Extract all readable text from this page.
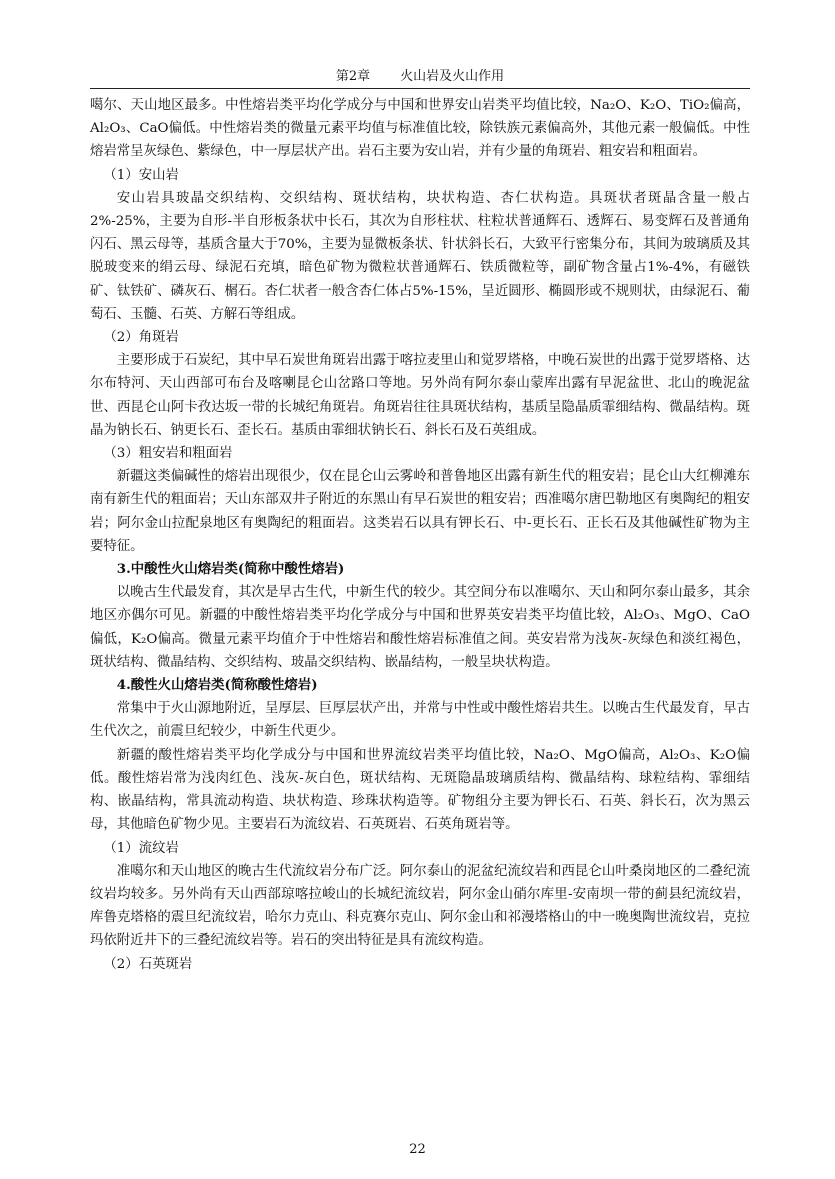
第2章 火山岩及火山作用

噶尔、天山地区最多。中性熔岩类平均化学成分与中国和世界安山岩类平均值比较，Na₂O、K₂O、TiO₂偏高，Al₂O₃、CaO偏低。中性熔岩类的微量元素平均值与标准值比较，除铁族元素偏高外，其他元素一般偏低。中性熔岩常呈灰绿色、紫绿色，中一厚层状产出。岩石主要为安山岩，并有少量的角斑岩、粗安岩和粗面岩。

（1）安山岩

安山岩具玻晶交织结构、交织结构、斑状结构，块状构造、杏仁状构造。具斑状者斑晶含量一般占2%-25%，主要为自形-半自形板条状中长石，其次为自形柱状、柱粒状普通辉石、透辉石、易变辉石及普通角闪石、黑云母等，基质含量大于70%，主要为显微板条状、针状斜长石，大致平行密集分布，其间为玻璃质及其脱玻变来的绢云母、绿泥石充填，暗色矿物为微粒状普通辉石、铁质微粒等，副矿物含量占1%-4%，有磁铁矿、钛铁矿、磷灰石、榍石。杏仁状者一般含杏仁体占5%-15%，呈近圆形、椭圆形或不规则状，由绿泥石、葡萄石、玉髓、石英、方解石等组成。

（2）角斑岩

主要形成于石炭纪，其中早石炭世角斑岩出露于喀拉麦里山和觉罗塔格，中晚石炭世的出露于觉罗塔格、达尔布特河、天山西部可布台及喀喇昆仑山岔路口等地。另外尚有阿尔泰山蒙库出露有早泥盆世、北山的晚泥盆世、西昆仑山阿卡孜达坂一带的长城纪角斑岩。角斑岩往往具斑状结构，基质呈隐晶质霏细结构、微晶结构。斑晶为钠长石、钠更长石、歪长石。基质由霏细状钠长石、斜长石及石英组成。

（3）粗安岩和粗面岩

新疆这类偏碱性的熔岩出现很少，仅在昆仑山云雾岭和普鲁地区出露有新生代的粗安岩；昆仑山大红柳滩东南有新生代的粗面岩；天山东部双井子附近的东黑山有早石炭世的粗安岩；西准噶尔唐巴勒地区有奥陶纪的粗安岩；阿尔金山拉配泉地区有奥陶纪的粗面岩。这类岩石以具有钾长石、中-更长石、正长石及其他碱性矿物为主要特征。

3.中酸性火山熔岩类(简称中酸性熔岩)

以晚古生代最发育，其次是早古生代，中新生代的较少。其空间分布以准噶尔、天山和阿尔泰山最多，其余地区亦偶尔可见。新疆的中酸性熔岩类平均化学成分与中国和世界英安岩类平均值比较，Al₂O₃、MgO、CaO偏低，K₂O偏高。微量元素平均值介于中性熔岩和酸性熔岩标准值之间。英安岩常为浅灰-灰绿色和淡红褐色，斑状结构、微晶结构、交织结构、玻晶交织结构、嵌晶结构，一般呈块状构造。

4.酸性火山熔岩类(简称酸性熔岩)

常集中于火山源地附近，呈厚层、巨厚层状产出，并常与中性或中酸性熔岩共生。以晚古生代最发育，早古生代次之，前震旦纪较少，中新生代更少。

新疆的酸性熔岩类平均化学成分与中国和世界流纹岩类平均值比较，Na₂O、MgO偏高，Al₂O₃、K₂O偏低。酸性熔岩常为浅肉红色、浅灰-灰白色，斑状结构、无斑隐晶玻璃质结构、微晶结构、球粒结构、霏细结构、嵌晶结构，常具流动构造、块状构造、珍珠状构造等。矿物组分主要为钾长石、石英、斜长石，次为黑云母，其他暗色矿物少见。主要岩石为流纹岩、石英斑岩、石英角斑岩等。

（1）流纹岩

准噶尔和天山地区的晚古生代流纹岩分布广泛。阿尔泰山的泥盆纪流纹岩和西昆仑山叶桑岗地区的二叠纪流纹岩均较多。另外尚有天山西部琼喀拉峻山的长城纪流纹岩，阿尔金山硝尔库里-安南坝一带的蓟县纪流纹岩，库鲁克塔格的震旦纪流纹岩，哈尔力克山、科克赛尔克山、阿尔金山和祁漫塔格山的中一晚奥陶世流纹岩，克拉玛依附近井下的三叠纪流纹岩等。岩石的突出特征是具有流纹构造。

（2）石英斑岩

22
